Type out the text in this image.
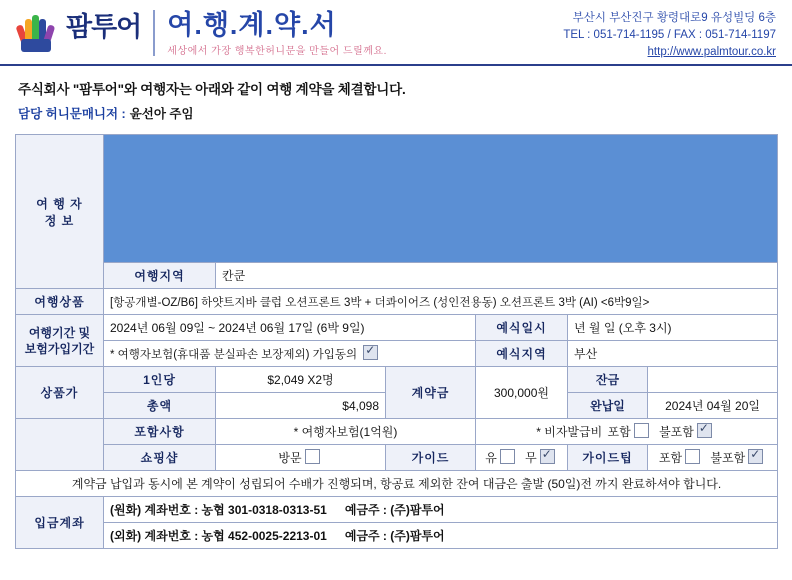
팜투어 여.행.계.약.서
세상에서 가장 행복한허니문을 만들어 드릴께요.
부산시 부산진구 황령대로9 유성빌딩 6층
TEL : 051-714-1195 / FAX : 051-714-1197
http://www.palmtour.co.kr
주식회사 "팜투어"와 여행자는 아래와 같이 여행 계약을 체결합니다.
담당 허니문매니저 : 윤선아 주임
여 행 자
정 보						

	여행지역	칸쿤				
여행상품	[항공개별-OZ/B6] 하얏트지바 클럽 오션프론트 3박 + 더콰이어즈 (성인전용동) 오션프론트 3박 (AI) <6박9일>					

여행기간 및
보험가입기간	2024년 06월 09일 ~ 2024년 06월 17일 (6박 9일)			예식일시	년 월 일 (오후 3시)	
	* 여행자보험(휴대품 분실파손 보장제외) 가입동의 ✓			예식지역	부산	
상품가	1인당	$2,049 X2명	계약금	300,000원	잔금	

	총액	$4,098			완납일	2024년 04월 20일
	포함사항	* 여행자보험(1억원)		* 비자발급비 포함 불포함✓
	쇼핑샵	방문	가이드	유 무✓	가이드팁	포함 불포함✓
계약금 납입과 동시에 본 계약이 성립되어 수배가 진행되며, 항공료 제외한 잔여 대금은 출발 (50일)전 까지 완료하셔야 합니다.						
입금계좌	(원화) 계좌번호 : 농협 301-0318-0313-51 예금주 : (주)팜투어					
	(외화) 계좌번호 : 농협 452-0025-2213-01 예금주 : (주)팜투어					
